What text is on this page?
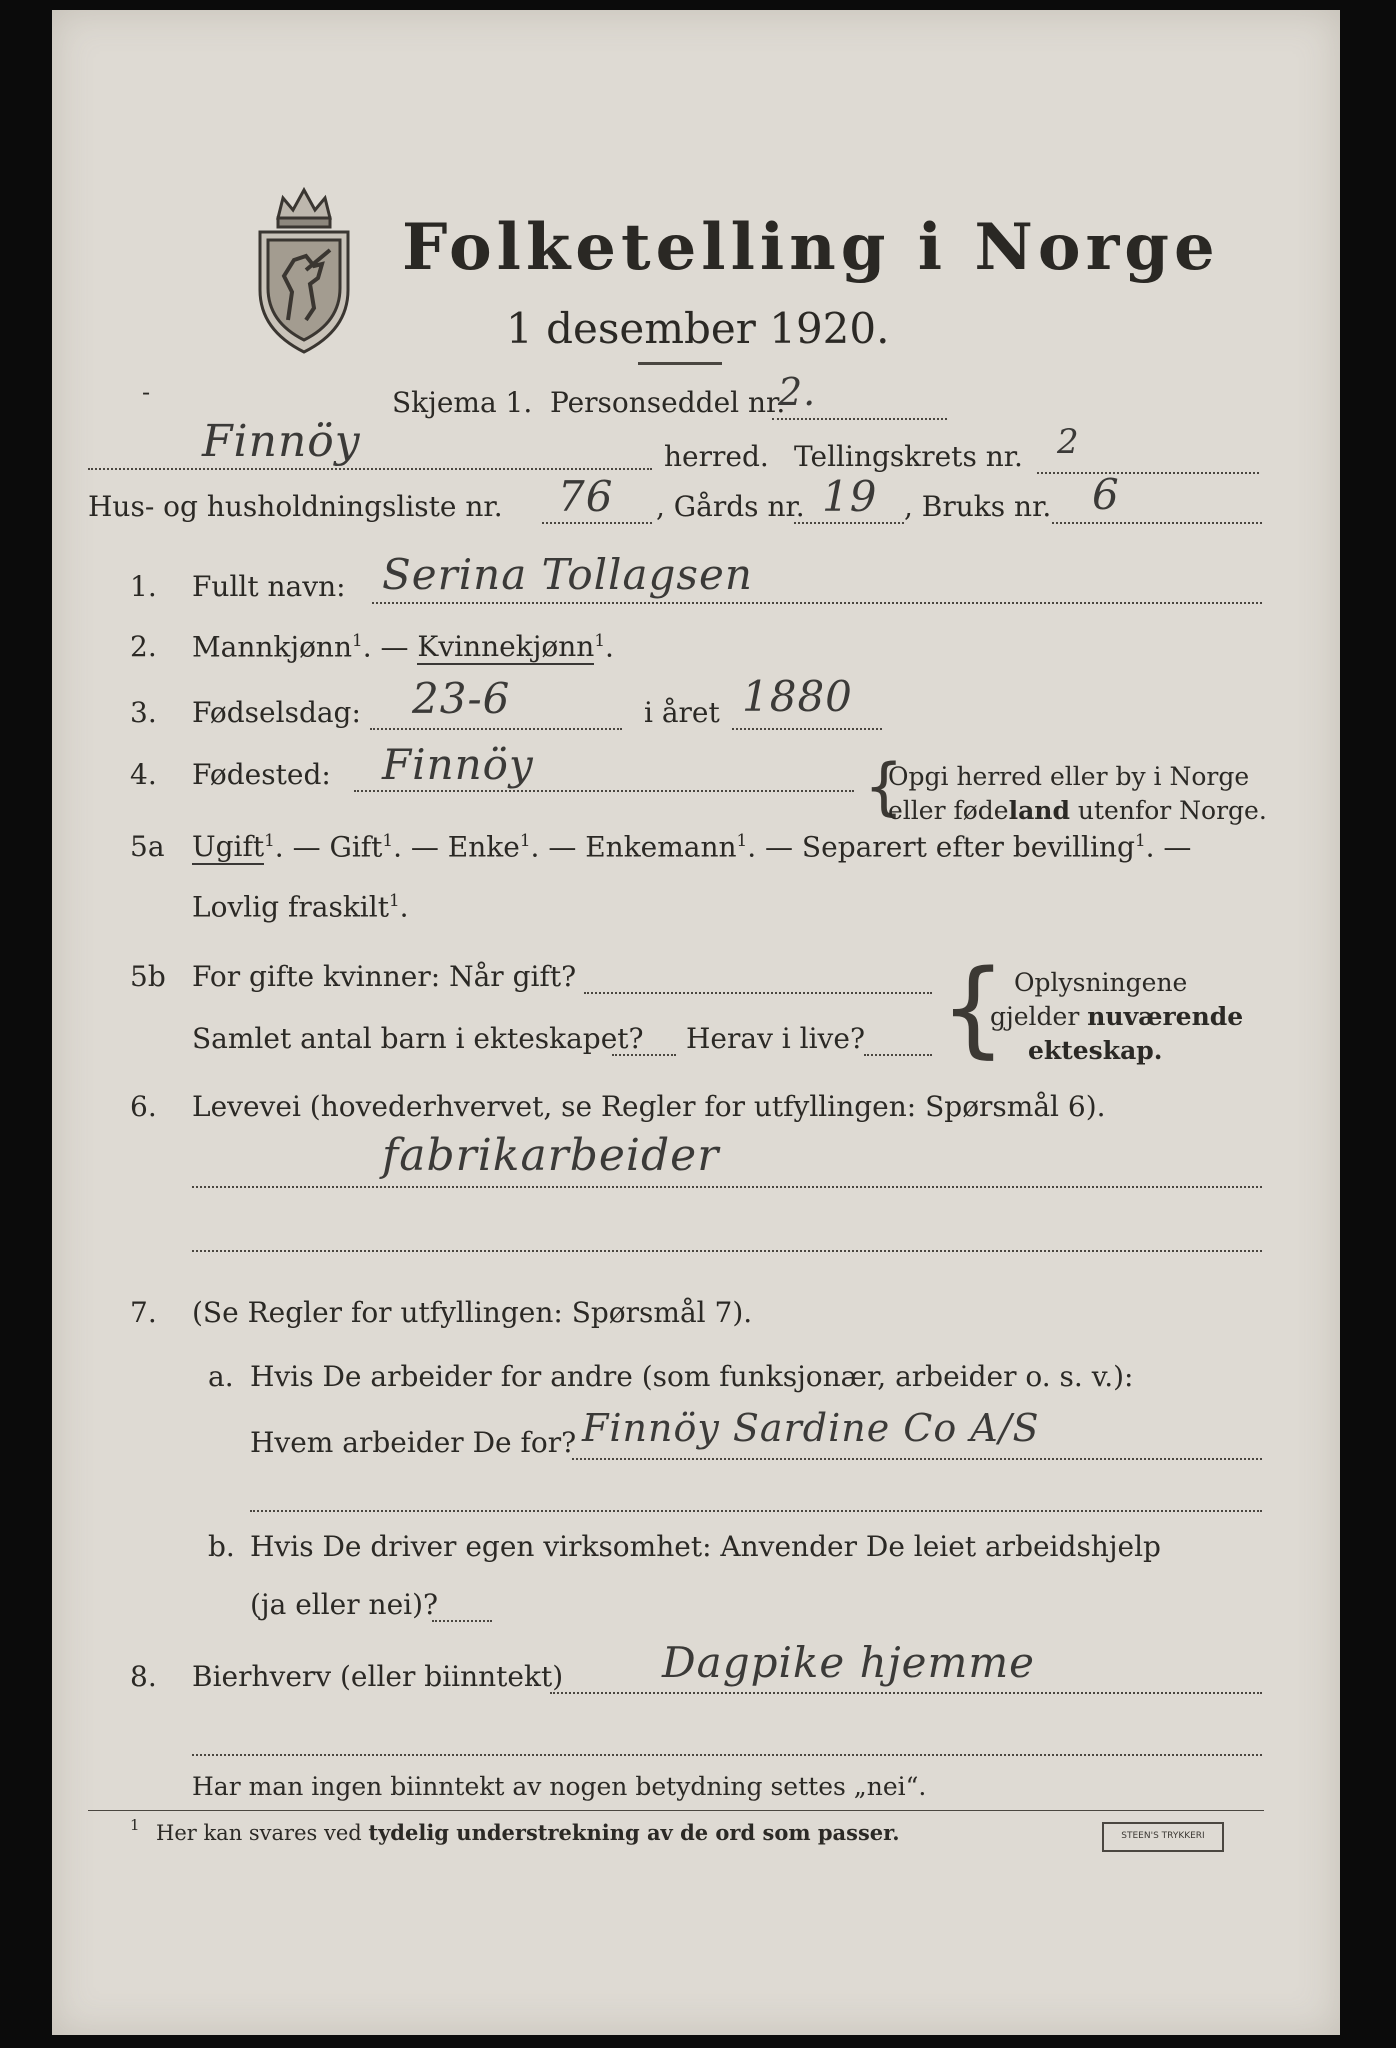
Folketelling i Norge
1 desember 1920.
-	Skjema 1. Personseddel nr.
2.
Finnöy	herred. Tellingskrets nr. 2
Hus- og husholdningsliste nr. 76 , Gårds nr. 19 , Bruks nr. 6
1. Fullt navn: Serina Tollagsen
2. Mannkjønn$^1$. — Kvinnekjønn$^1$.
3. Fødselsdag: 23-6	i året 1880
4. Fødested: Finnöy	{
Opgi herred eller by i Norge
eller fødeland utenfor Norge.
5a Ugift$^1$. — Gift$^1$. — Enke$^1$. — Enkemann$^1$. — Separert efter bevilling$^1$. —
Lovlig fraskilt$^1$.
5b For gifte kvinner: Når gift?
Samlet antal barn i ekteskapet? Herav i live? { Oplysningene
gjelder nuværende
ekteskap.
6. Levevei (hovederhvervet, se Regler for utfyllingen: Spørsmål 6).
fabrikarbeider
7. (Se Regler for utfyllingen: Spørsmål 7).
a. Hvis De arbeider for andre (som funksjonær, arbeider o. s. v.):
Hvem arbeider De for? Finnöy Sardine Co A/S
b. Hvis De driver egen virksomhet: Anvender De leiet arbeidshjelp
(ja eller nei)?
8. Bierhverv (eller biinntekt) Dagpike hjemme
Har man ingen biinntekt av nogen betydning settes „nei“.
1 Her kan svares ved tydelig understrekning av de ord som passer.	STEEN'S TRYKKERI
